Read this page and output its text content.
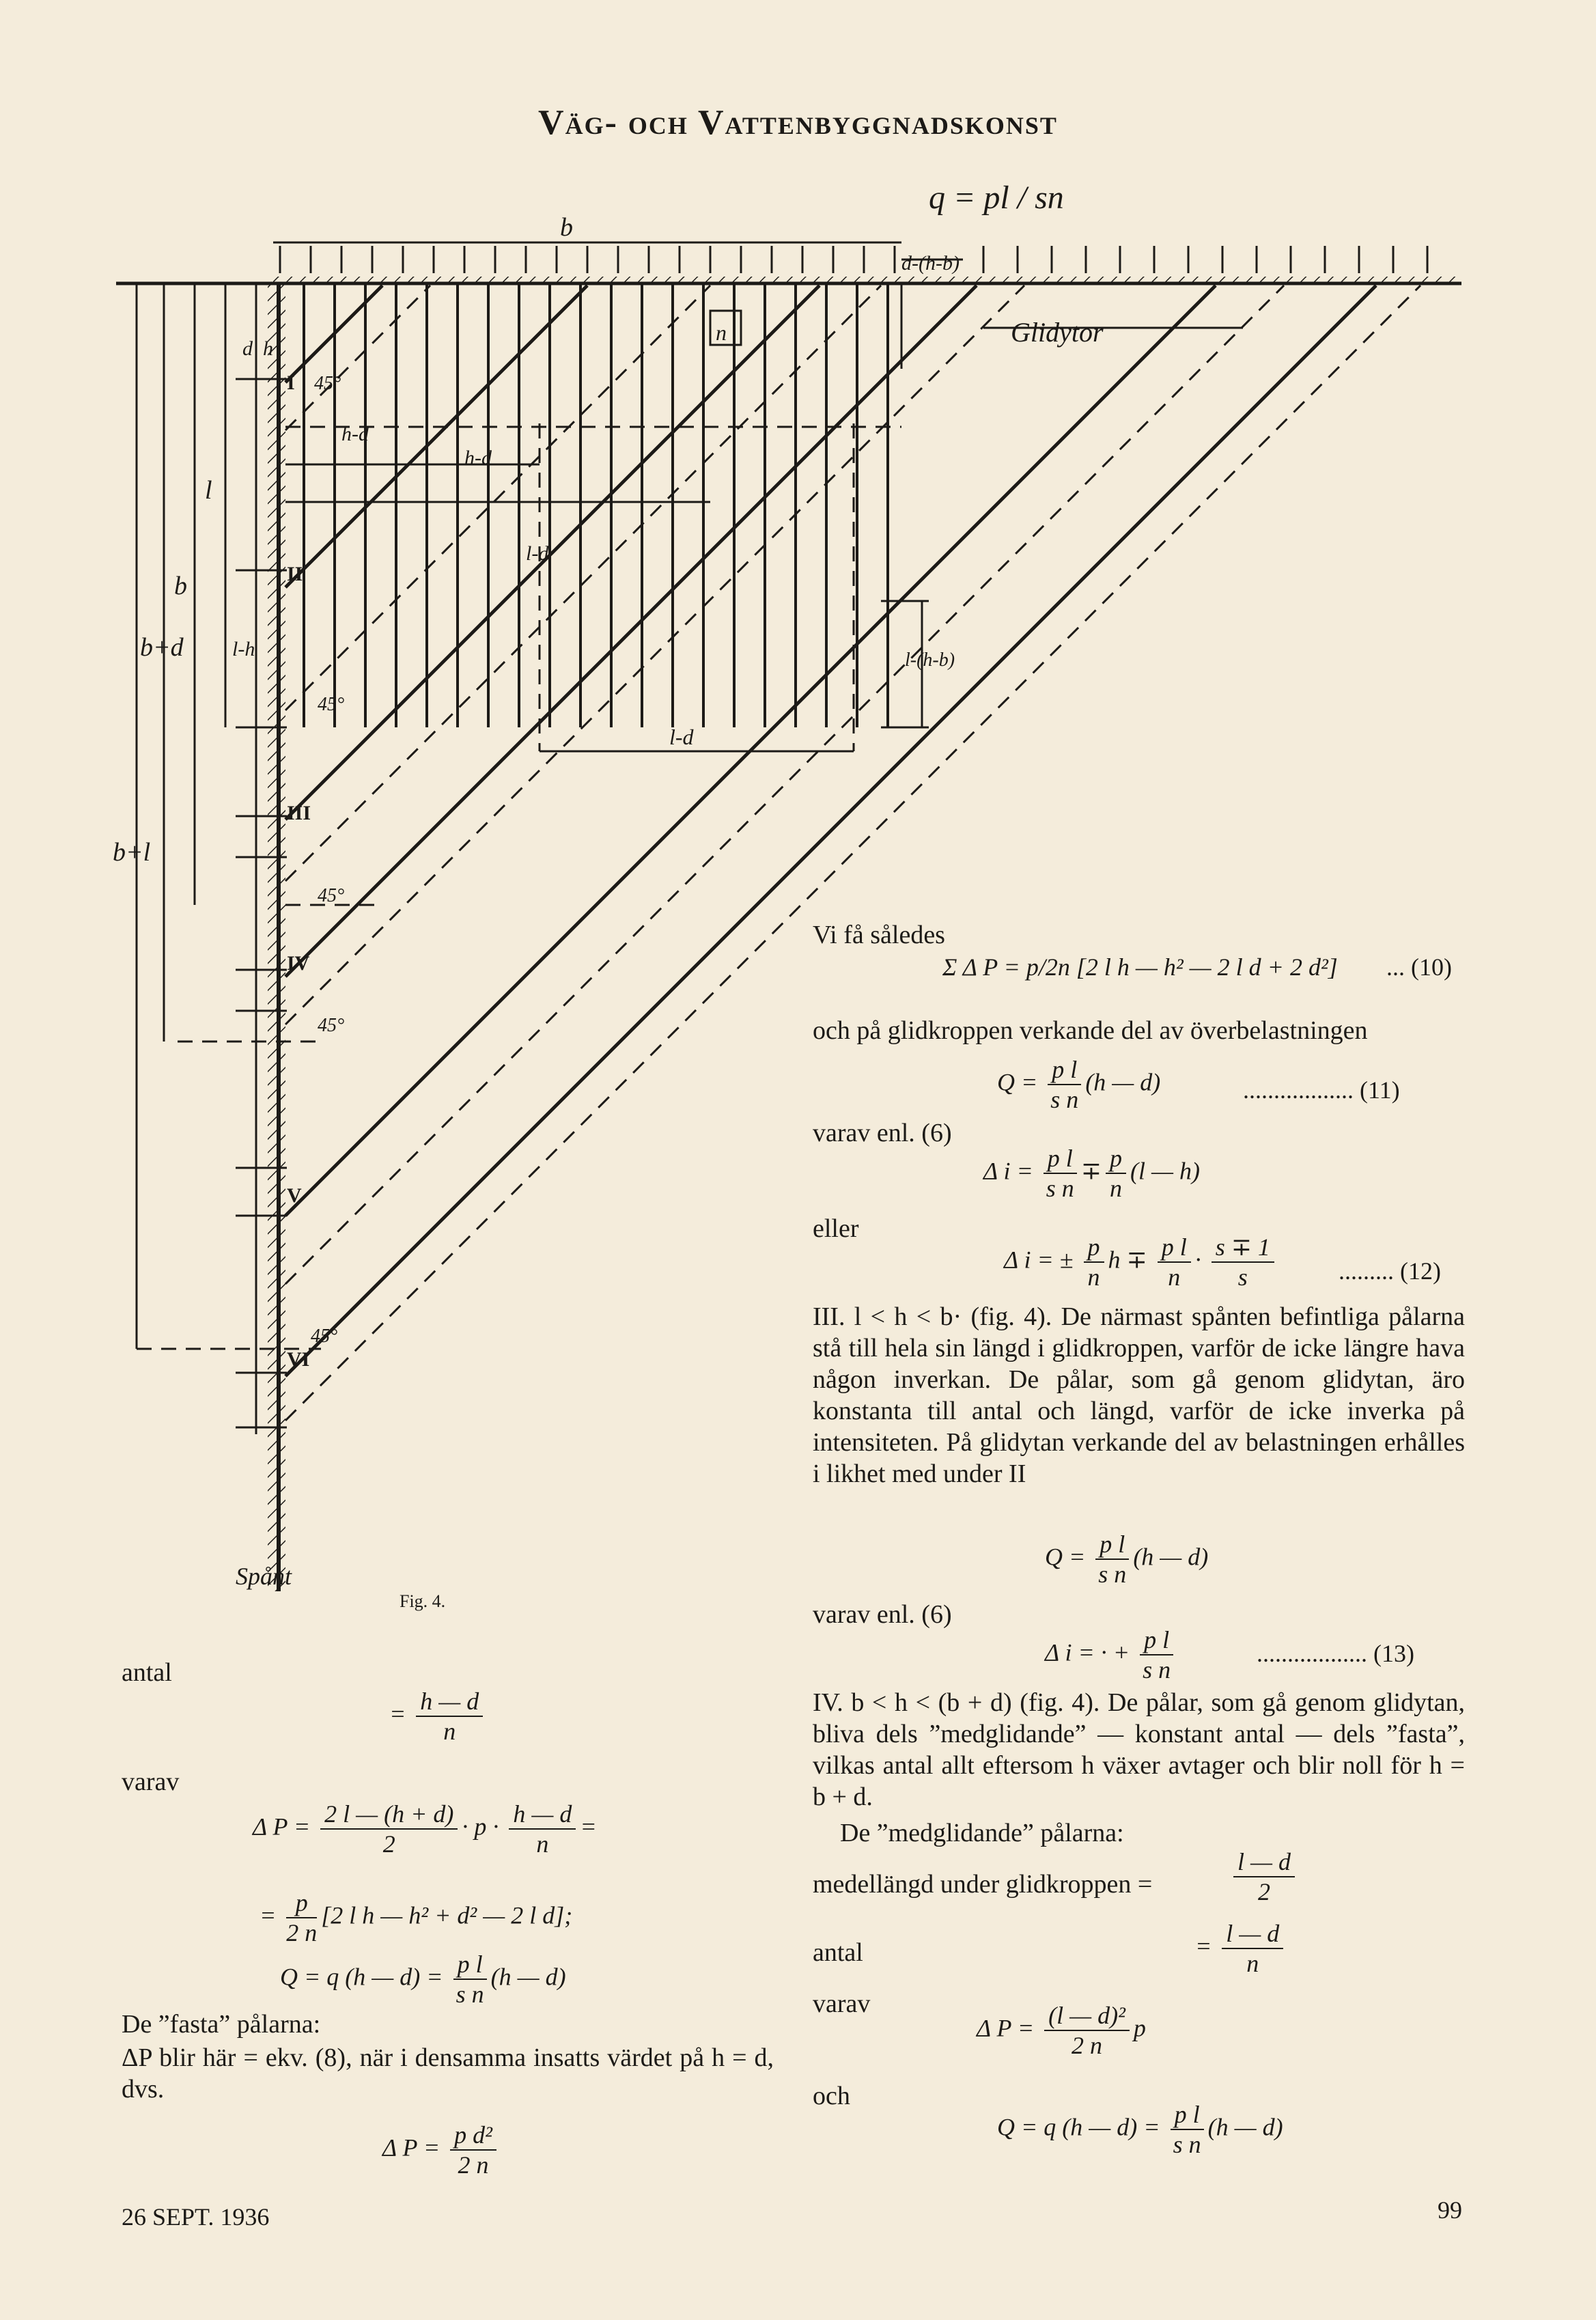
Väg- och Vattenbyggnadskonst
q = pl / sn
b
d-(h-b)
n	Glidytor
d h
l
b
b+d
b+l
l-h
h-d
h-d
l-d
l-d
l-(h-b)
45°
45°
45°
45°
45°
Spånt
I
II
III
IV
V
VI
Fig. 4.
Vi få således
Σ Δ P = p/2n [2 l h — h² — 2 l d + 2 d²] ... (10)
och på glidkroppen verkande del av överbelastningen
$Q = \frac{\text{p l}}{\text{s n}} (h$ — d)	.................. (11)
varav enl. (6)
Δ $i = \frac{\text{p l}}{\text{s n}} \mp \frac{p}{n} (l$ — h)
eller
Δ i = ± $\frac{p}{n}$ $h \mp \frac{\text{p l}}{n} \cdot \frac{s \mp 1}{s}$	......... (12)
III. l < h < b· (fig. 4). De närmast spånten befintliga pålarna stå till hela sin längd i glidkroppen, varför de icke längre hava någon inverkan. De pålar, som gå genom glidytan, äro konstanta till antal och längd, varför de icke inverka på intensiteten. På glidytan verkande del av belastningen erhålles i likhet med under II
$Q = \frac{\text{p l}}{\text{s n}} (h$ — d)
varav enl. (6)
Δ i = · + $\frac{\text{p l}}{\text{s n}}$	.................. (13)
IV. b < h < (b + d) (fig. 4). De pålar, som gå genom glidytan, bliva dels ”medglidande” — konstant antal — dels ”fasta”, vilkas antal allt eftersom h växer avtager och blir noll för h = b + d.
De ”medglidande” pålarna:
medellängd under glidkroppen =	$\frac{l — d}{2}$
antal	= $\frac{l — d}{n}$
varav
Δ $P = \frac{\text{(l — d)²}}{2 n}$ p
och
Q = q (h — $d) = \frac{\text{p l}}{\text{s n}} (h$ — d)
antal
= $\frac{h — d}{n}$
varav
Δ $P = \frac{2 l — (h + d)}{2} \cdot p \cdot \frac{h — d}{n}$ =
= $\frac{p}{2 n} [2$ l h — h² + d² — 2 l d];
Q = q (h — $d) = \frac{\text{p l}}{\text{s n}} (h$ — d)
De ”fasta” pålarna:
ΔP blir här = ekv. (8), när i densamma insatts värdet på h = d, dvs.
Δ $P = \frac{\text{p d²}}{2 n}$
26 SEPT. 1936	99
